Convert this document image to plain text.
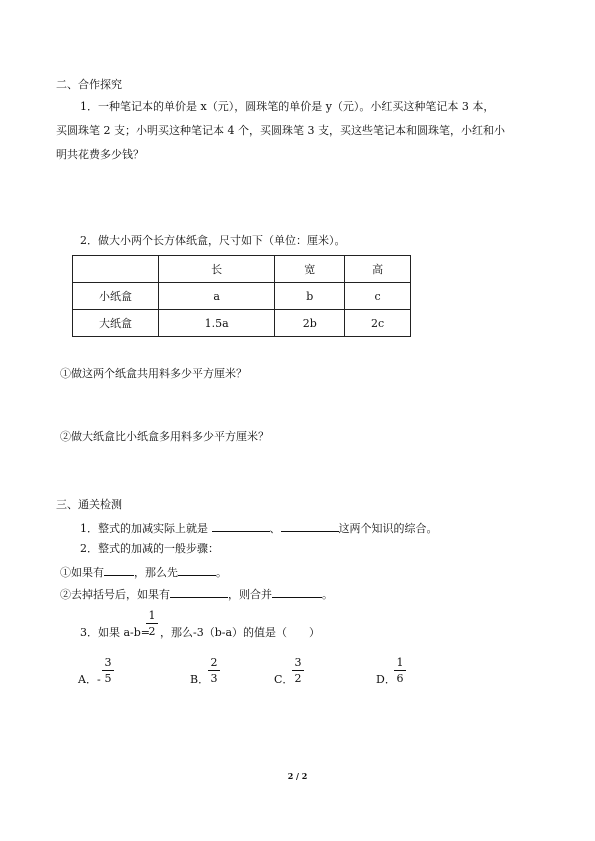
二、合作探究
1．一种笔记本的单价是 x（元），圆珠笔的单价是 y（元）。小红买这种笔记本 3 本，
买圆珠笔 2 支；小明买这种笔记本 4 个，买圆珠笔 3 支，买这些笔记本和圆珠笔，小红和小
明共花费多少钱？
2．做大小两个长方体纸盒，尺寸如下（单位：厘米）。
	长	宽	高
小纸盒	a	b	c
大纸盒	1.5a	2b	2c
①做这两个纸盒共用料多少平方厘米？
②做大纸盒比小纸盒多用料多少平方厘米？
三、通关检测
1．整式的加减实际上就是	、	这两个知识的综合。
2．整式的加减的一般步骤：
①如果有	，那么先	。
②去掉括号后，如果有	，则合并	。
3．如果 a-b=
1
2 ，那么-3（b-a）的值是（　　）
A．-
3
5	B．
2
3	C．
3
2	D．
1
6
2 / 2
